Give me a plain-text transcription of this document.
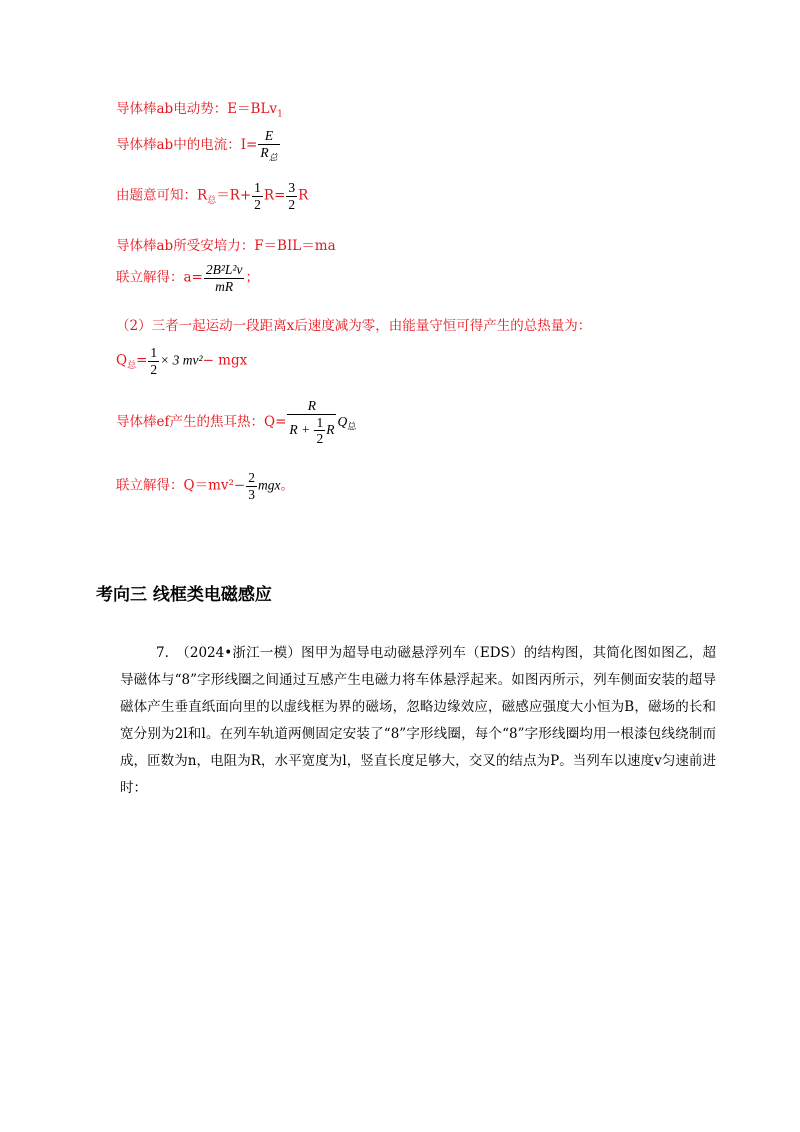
导体棒ab电动势：E＝BLv$_1$
导体棒ab中的电流：$I= \frac{E}{R_总}$
由题意可知：$R_总=R+ \frac{1}{2} R= \frac{3}{2}$ R
导体棒ab所受安培力：F＝BIL＝ma
联立解得：$a= \frac{\text{2B²L²v}}{mR}$ ；
（2）三者一起运动一段距离x后速度减为零，由能量守恒可得产生的总热量为：
$Q_总= \frac{1}{2} \times 3$ mv²− mgx
导体棒ef产生的焦耳热：$Q= \frac{R}{R + \frac{1}{2} R} Q_总$
联立解得：$Q=mv^2- \frac{2}{3}$ mgx。
考向三 线框类电磁感应
7.　（2024•浙江一模）图甲为超导电动磁悬浮列车（EDS）的结构图，其简化图如图乙，超导磁体与“8”字形线圈之间通过互感产生电磁力将车体悬浮起来。如图丙所示，列车侧面安装的超导磁体产生垂直纸面向里的以虚线框为界的磁场，忽略边缘效应，磁感应强度大小恒为B，磁场的长和宽分别为2l和l。在列车轨道两侧固定安装了“8”字形线圈，每个“8”字形线圈均用一根漆包线绕制而成，匝数为n，电阻为R，水平宽度为l，竖直长度足够大，交叉的结点为P。当列车以速度v匀速前进时：
